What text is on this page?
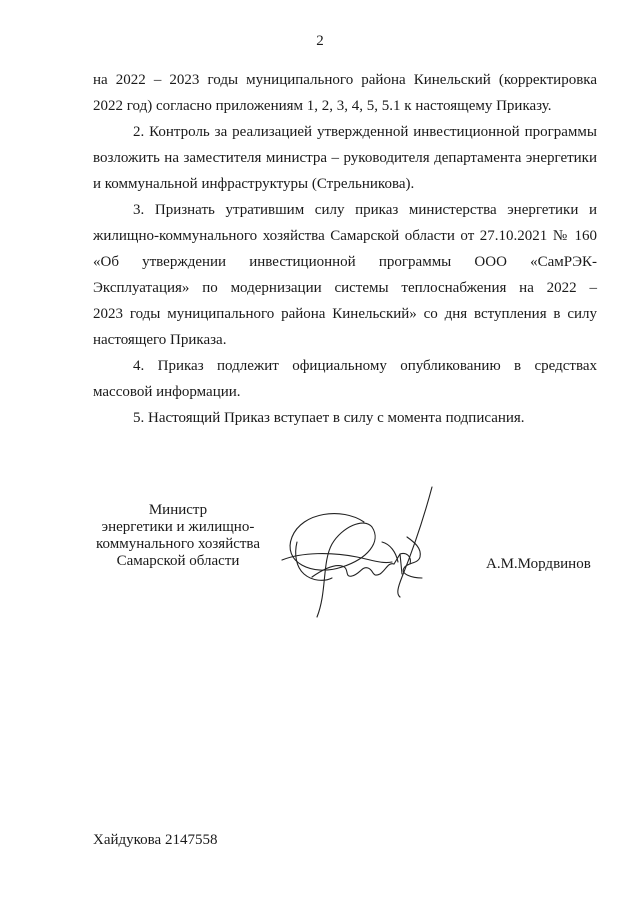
2
на 2022 – 2023 годы муниципального района Кинельский (корректировка
2022 год) согласно приложениям 1, 2, 3, 4, 5, 5.1 к настоящему Приказу.
2. Контроль за реализацией утвержденной инвестиционной программы
возложить на заместителя министра – руководителя департамента энергетики
и коммунальной инфраструктуры (Стрельникова).
3. Признать утратившим силу приказ министерства энергетики и
жилищно-коммунального хозяйства Самарской области от 27.10.2021 № 160
«Об утверждении инвестиционной программы ООО «СамРЭК-
Эксплуатация» по модернизации системы теплоснабжения на 2022 –
2023 годы муниципального района Кинельский» со дня вступления в силу
настоящего Приказа.
4. Приказ подлежит официальному опубликованию в средствах
массовой информации.
5. Настоящий Приказ вступает в силу с момента подписания.
Министр
энергетики и жилищно-
коммунального хозяйства
Самарской области	А.М.Мордвинов
Хайдукова 2147558
